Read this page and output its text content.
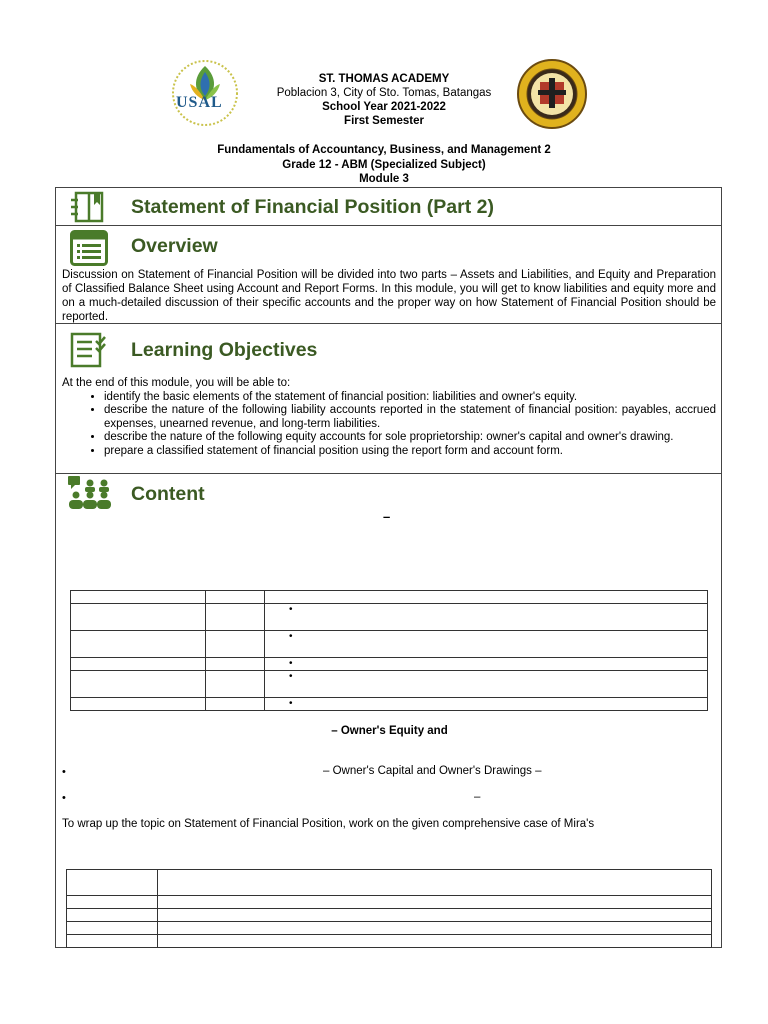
USAL
ST. THOMAS ACADEMY
Poblacion 3, City of Sto. Tomas, Batangas
School Year 2021-2022
First Semester
Fundamentals of Accountancy, Business, and Management 2
Grade 12 - ABM (Specialized Subject)
Module 3
Statement of Financial Position (Part 2)
Overview
Discussion on Statement of Financial Position will be divided into two parts – Assets and Liabilities, and Equity and Preparation of Classified Balance Sheet using Account and Report Forms. In this module, you will get to know liabilities and equity more and on a much-detailed discussion of their specific accounts and the proper way on how Statement of Financial Position should be reported.
Learning Objectives
At the end of this module, you will be able to:
• identify the basic elements of the statement of financial position: liabilities and owner's equity.
• describe the nature of the following liability accounts reported in the statement of financial position: payables, accrued expenses, unearned revenue, and long-term liabilities.
• describe the nature of the following equity accounts for sole proprietorship: owner's capital and owner's drawing.
• prepare a classified statement of financial position using the report form and account form.
Content
–

		•
		•
		•
		•
		•
– Owner's Equity and
•	– Owner's Capital and Owner's Drawings –
•	–
To wrap up the topic on Statement of Financial Position, work on the given comprehensive case of Mira's
